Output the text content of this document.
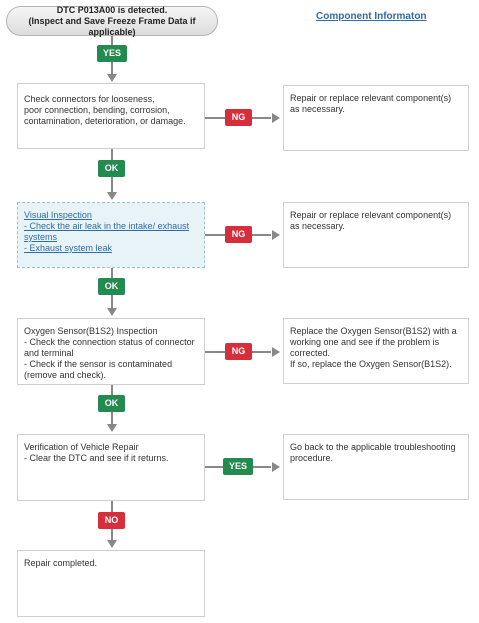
DTC P013A00 is detected.
(Inspect and Save Freeze Frame Data if applicable)
Component Informaton
YES
Check connectors for looseness,
poor connection, bending, corrosion,
contamination, deterioration, or damage.	NG
Repair or replace relevant component(s) as necessary.
OK
Visual Inspection
- Check the air leak in the intake/ exhaust systems
- Exhaust system leak
NG
Repair or replace relevant component(s) as necessary.
OK
Oxygen Sensor(B1S2) Inspection
- Check the connection status of connector and terminal
- Check if the sensor is contaminated (remove and check).
NG
Replace the Oxygen Sensor(B1S2) with a working one and see if the problem is corrected.
If so, replace the Oxygen Sensor(B1S2).
OK
Verification of Vehicle Repair
- Clear the DTC and see if it returns.
YES
Go back to the applicable troubleshooting procedure.
NO
Repair completed.
